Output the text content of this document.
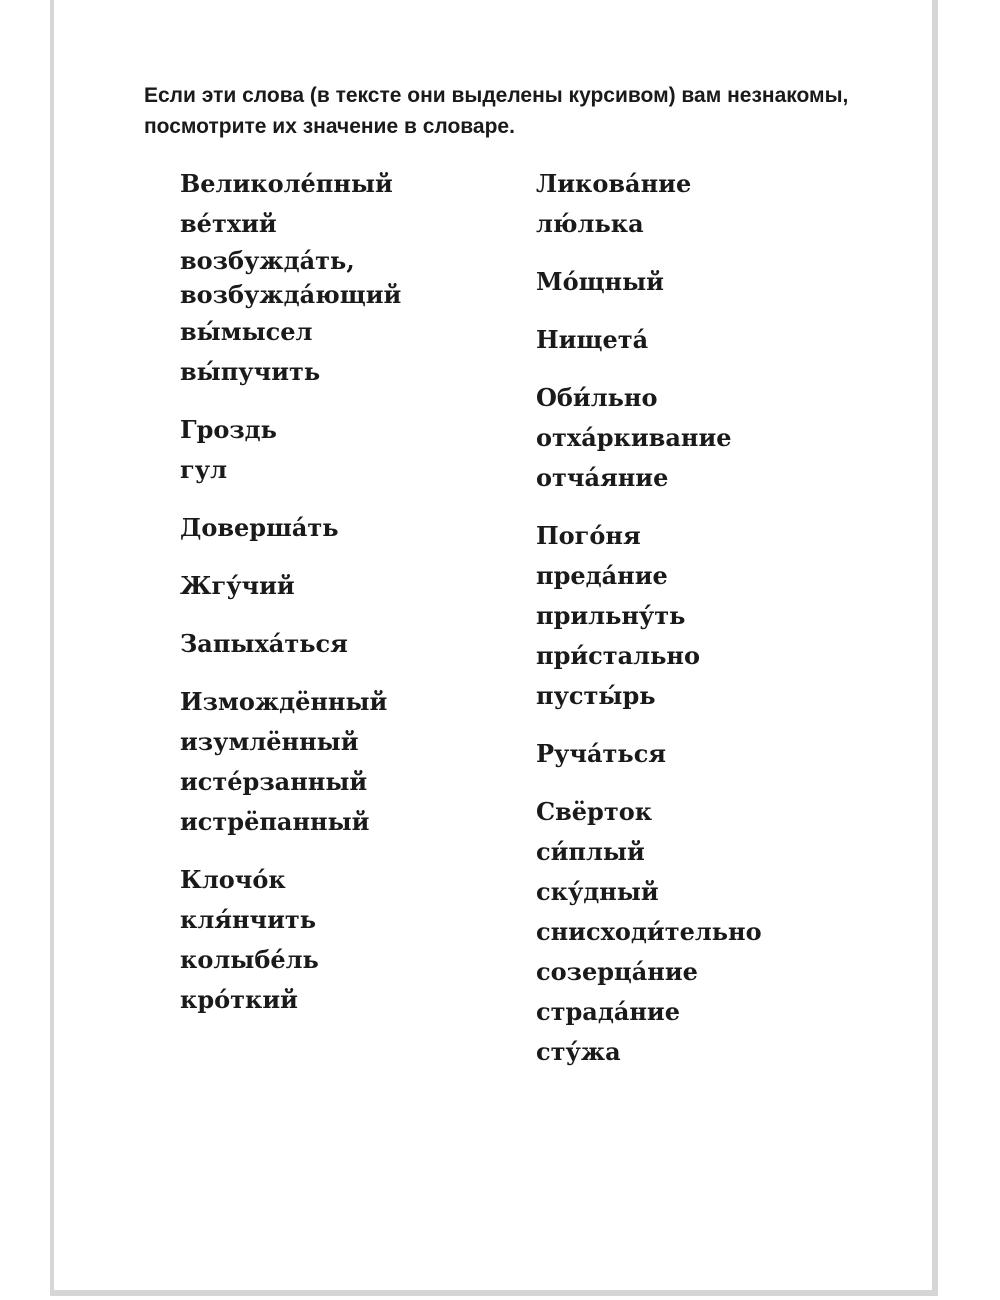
Если эти слова (в тексте они выделены курсивом) вам незнакомы, посмотрите их значение в словаре.
Великоле́пный
ве́тхий
возбужда́ть,
возбужда́ющий
вы́мысел
вы́пучить
Гроздь
гул
Доверша́ть
Жгу́чий
Запыха́ться
Измождённый
изумлённый
исте́рзанный
истрёпанный
Клочо́к
кля́нчить
колыбе́ль
кро́ткий
Ликова́ние
лю́лька
Мо́щный
Нищета́
Оби́льно
отха́ркивание
отча́яние
Пого́ня
преда́ние
прильну́ть
при́стально
пусты́рь
Руча́ться
Свёрток
си́плый
ску́дный
снисходи́тельно
созерца́ние
страда́ние
сту́жа
